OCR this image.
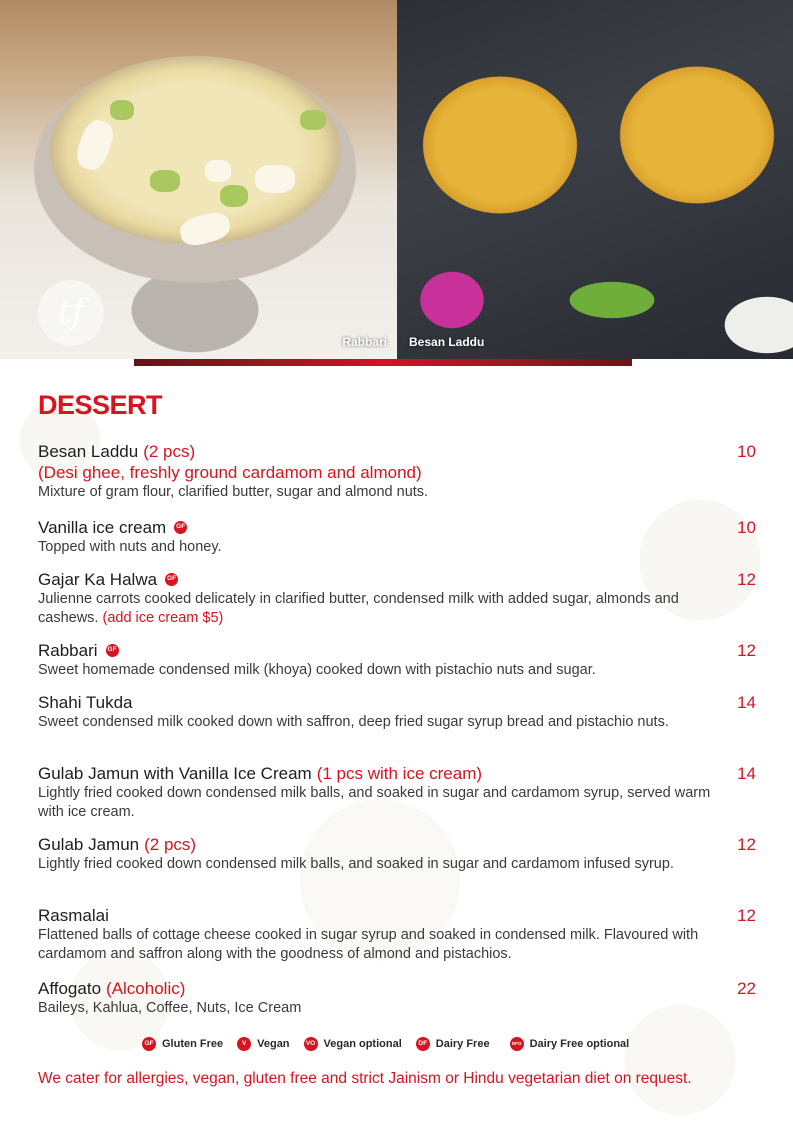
tf
Rabbari Besan Laddu
DESSERT
Besan Laddu (2 pcs)
(Desi ghee, freshly ground cardamom and almond)
Mixture of gram flour, clarified butter, sugar and almond nuts.
10
Vanilla ice cream	GF
Topped with nuts and honey.
10
Gajar Ka Halwa	GF
Julienne carrots cooked delicately in clarified butter, condensed milk with added sugar, almonds and cashews. (add ice cream $5)
12
Rabbari	GF
Sweet homemade condensed milk (khoya) cooked down with pistachio nuts and sugar.
12
Shahi Tukda
Sweet condensed milk cooked down with saffron, deep fried sugar syrup bread and pistachio nuts.
14
Gulab Jamun with Vanilla Ice Cream (1 pcs with ice cream)
Lightly fried cooked down condensed milk balls, and soaked in sugar and cardamom syrup, served warm with ice cream.
14
Gulab Jamun (2 pcs)
Lightly fried cooked down condensed milk balls, and soaked in sugar and cardamom infused syrup.
12
Rasmalai
Flattened balls of cottage cheese cooked in sugar syrup and soaked in condensed milk. Flavoured with cardamom and saffron along with the goodness of almond and pistachios.
12
Affogato (Alcoholic)
Baileys, Kahlua, Coffee, Nuts, Ice Cream
22
GF Gluten Free	V Vegan	VO Vegan optional	DF Dairy Free	DFO Dairy Free optional
We cater for allergies, vegan, gluten free and strict Jainism or Hindu vegetarian diet on request.
